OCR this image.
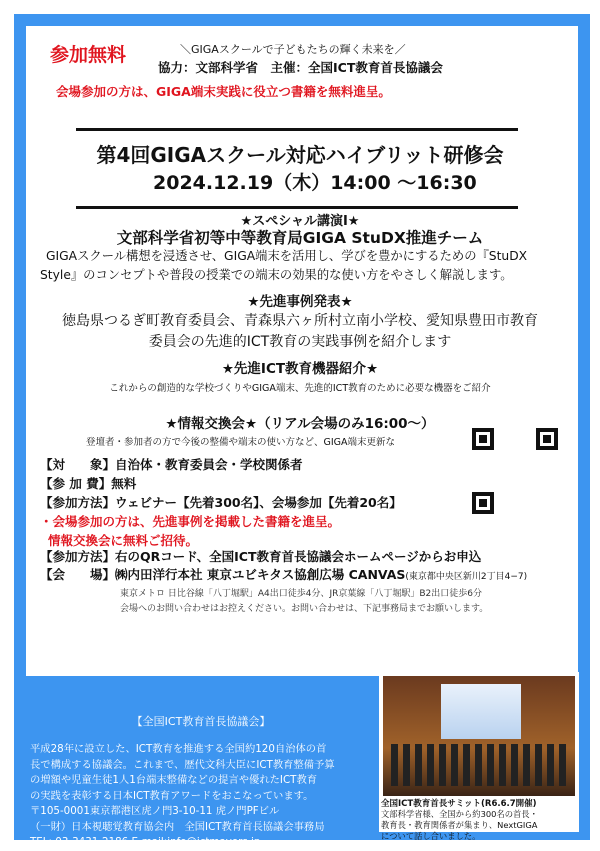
参加無料	＼GIGAスクールで子どもたちの輝く未来を／
協力：文部科学省　主催：全国ICT教育首長協議会
会場参加の方は、GIGA端末実践に役立つ書籍を無料進呈。
第4回GIGAスクール対応ハイブリット研修会
2024.12.19（木）14:00 ～16:30
★スペシャル講演Ⅰ★
文部科学省初等中等教育局GIGA StuDX推進チーム
GIGAスクール構想を浸透させ、GIGA端末を活用し、学びを豊かにするための『StuDX
Style』のコンセプトや普段の授業での端末の効果的な使い方をやさしく解説します。
★先進事例発表★
徳島県つるぎ町教育委員会、青森県六ヶ所村立南小学校、愛知県豊田市教育
委員会の先進的ICT教育の実践事例を紹介します
★先進ICT教育機器紹介★
これからの創造的な学校づくりやGIGA端末、先進的ICT教育のために必要な機器をご紹介
★情報交換会★（リアル会場のみ16:00～）
登壇者・参加者の方で今後の整備や端末の使い方など、GIGA端末更新な
【対　　象】自治体・教育委員会・学校関係者
【参 加 費】無料
【参加方法】ウェビナー【先着300名】、会場参加【先着20名】
・会場参加の方は、先進事例を掲載した書籍を進呈。
情報交換会に無料ご招待。
【参加方法】右のQRコード、全国ICT教育首長協議会ホームページからお申込
【会　　場】㈱内田洋行本社 東京ユビキタス協創広場 CANVAS(東京都中央区新川2丁目4−7)
東京メトロ 日比谷線「八丁堀駅」A4出口徒歩4分、JR京葉線「八丁堀駅」B2出口徒歩6分
会場へのお問い合わせはお控えください。お問い合わせは、下記事務局までお願いします。
【全国ICT教育首長協議会】
平成28年に設立した、ICT教育を推進する全国約120自治体の首
長で構成する協議会。これまで、歴代文科大臣にICT教育整備予算
の増額や児童生徒1人1台端末整備などの提言や優れたICT教育
の実践を表彰する日本ICT教育アワードをおこなっています。
〒105-0001東京都港区虎ノ門3-10-11 虎ノ門PFビル
（一財）日本視聴覚教育協会内　全国ICT教育首長協議会事務局
TEL: 03-3431-2186 E-mail:info@ictmayors.jp
全国ICT教育首長サミット(R6.6.7開催)
文部科学省様、全国から約300名の首長・
教育長・教育関係者が集まり、NextGIGA
について話し合いました。
